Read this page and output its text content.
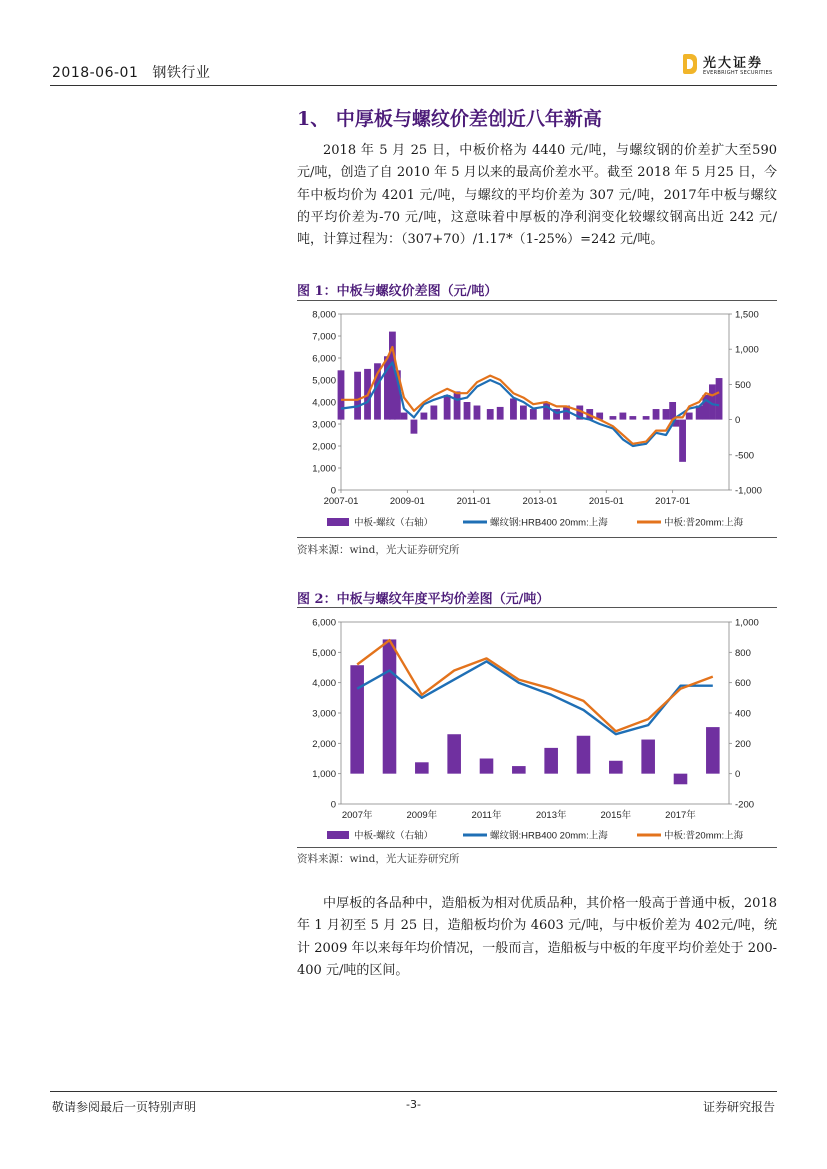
2018-06-01 钢铁行业
光大证券
EVERBRIGHT SECURITIES
1、 中厚板与螺纹价差创近八年新高
2018 年 5 月 25 日，中板价格为 4440 元/吨，与螺纹钢的价差扩大至590 元/吨，创造了自 2010 年 5 月以来的最高价差水平。截至 2018 年 5 月25 日，今年中板均价为 4201 元/吨，与螺纹的平均价差为 307 元/吨，2017年中板与螺纹的平均价差为-70 元/吨，这意味着中厚板的净利润变化较螺纹钢高出近 242 元/吨，计算过程为：（307+70）/1.17*（1-25%）=242 元/吨。
图 1：中板与螺纹价差图（元/吨）
0
1,000
2,000
3,000
4,000
5,000
6,000
7,000
8,000
-1,000
-500
0
500
1,000
1,500
2007-01	2009-01	2011-01	2013-01	2015-01	2017-01
中板-螺纹（右轴）	螺纹钢:HRB400 20mm:上海	中板:普20mm:上海
资料来源：wind，光大证券研究所
图 2：中板与螺纹年度平均价差图（元/吨）
0
1,000
2,000
3,000
4,000
5,000
6,000
-200
0
200
400
600
800
1,000
2007年	2009年	2011年	2013年	2015年	2017年
中板-螺纹（右轴）	螺纹钢:HRB400 20mm:上海	中板:普20mm:上海
资料来源：wind，光大证券研究所
中厚板的各品种中，造船板为相对优质品种，其价格一般高于普通中板，2018 年 1 月初至 5 月 25 日，造船板均价为 4603 元/吨，与中板价差为 402元/吨，统计 2009 年以来每年均价情况，一般而言，造船板与中板的年度平均价差处于 200-400 元/吨的区间。
敬请参阅最后一页特别声明	-3-	证券研究报告
